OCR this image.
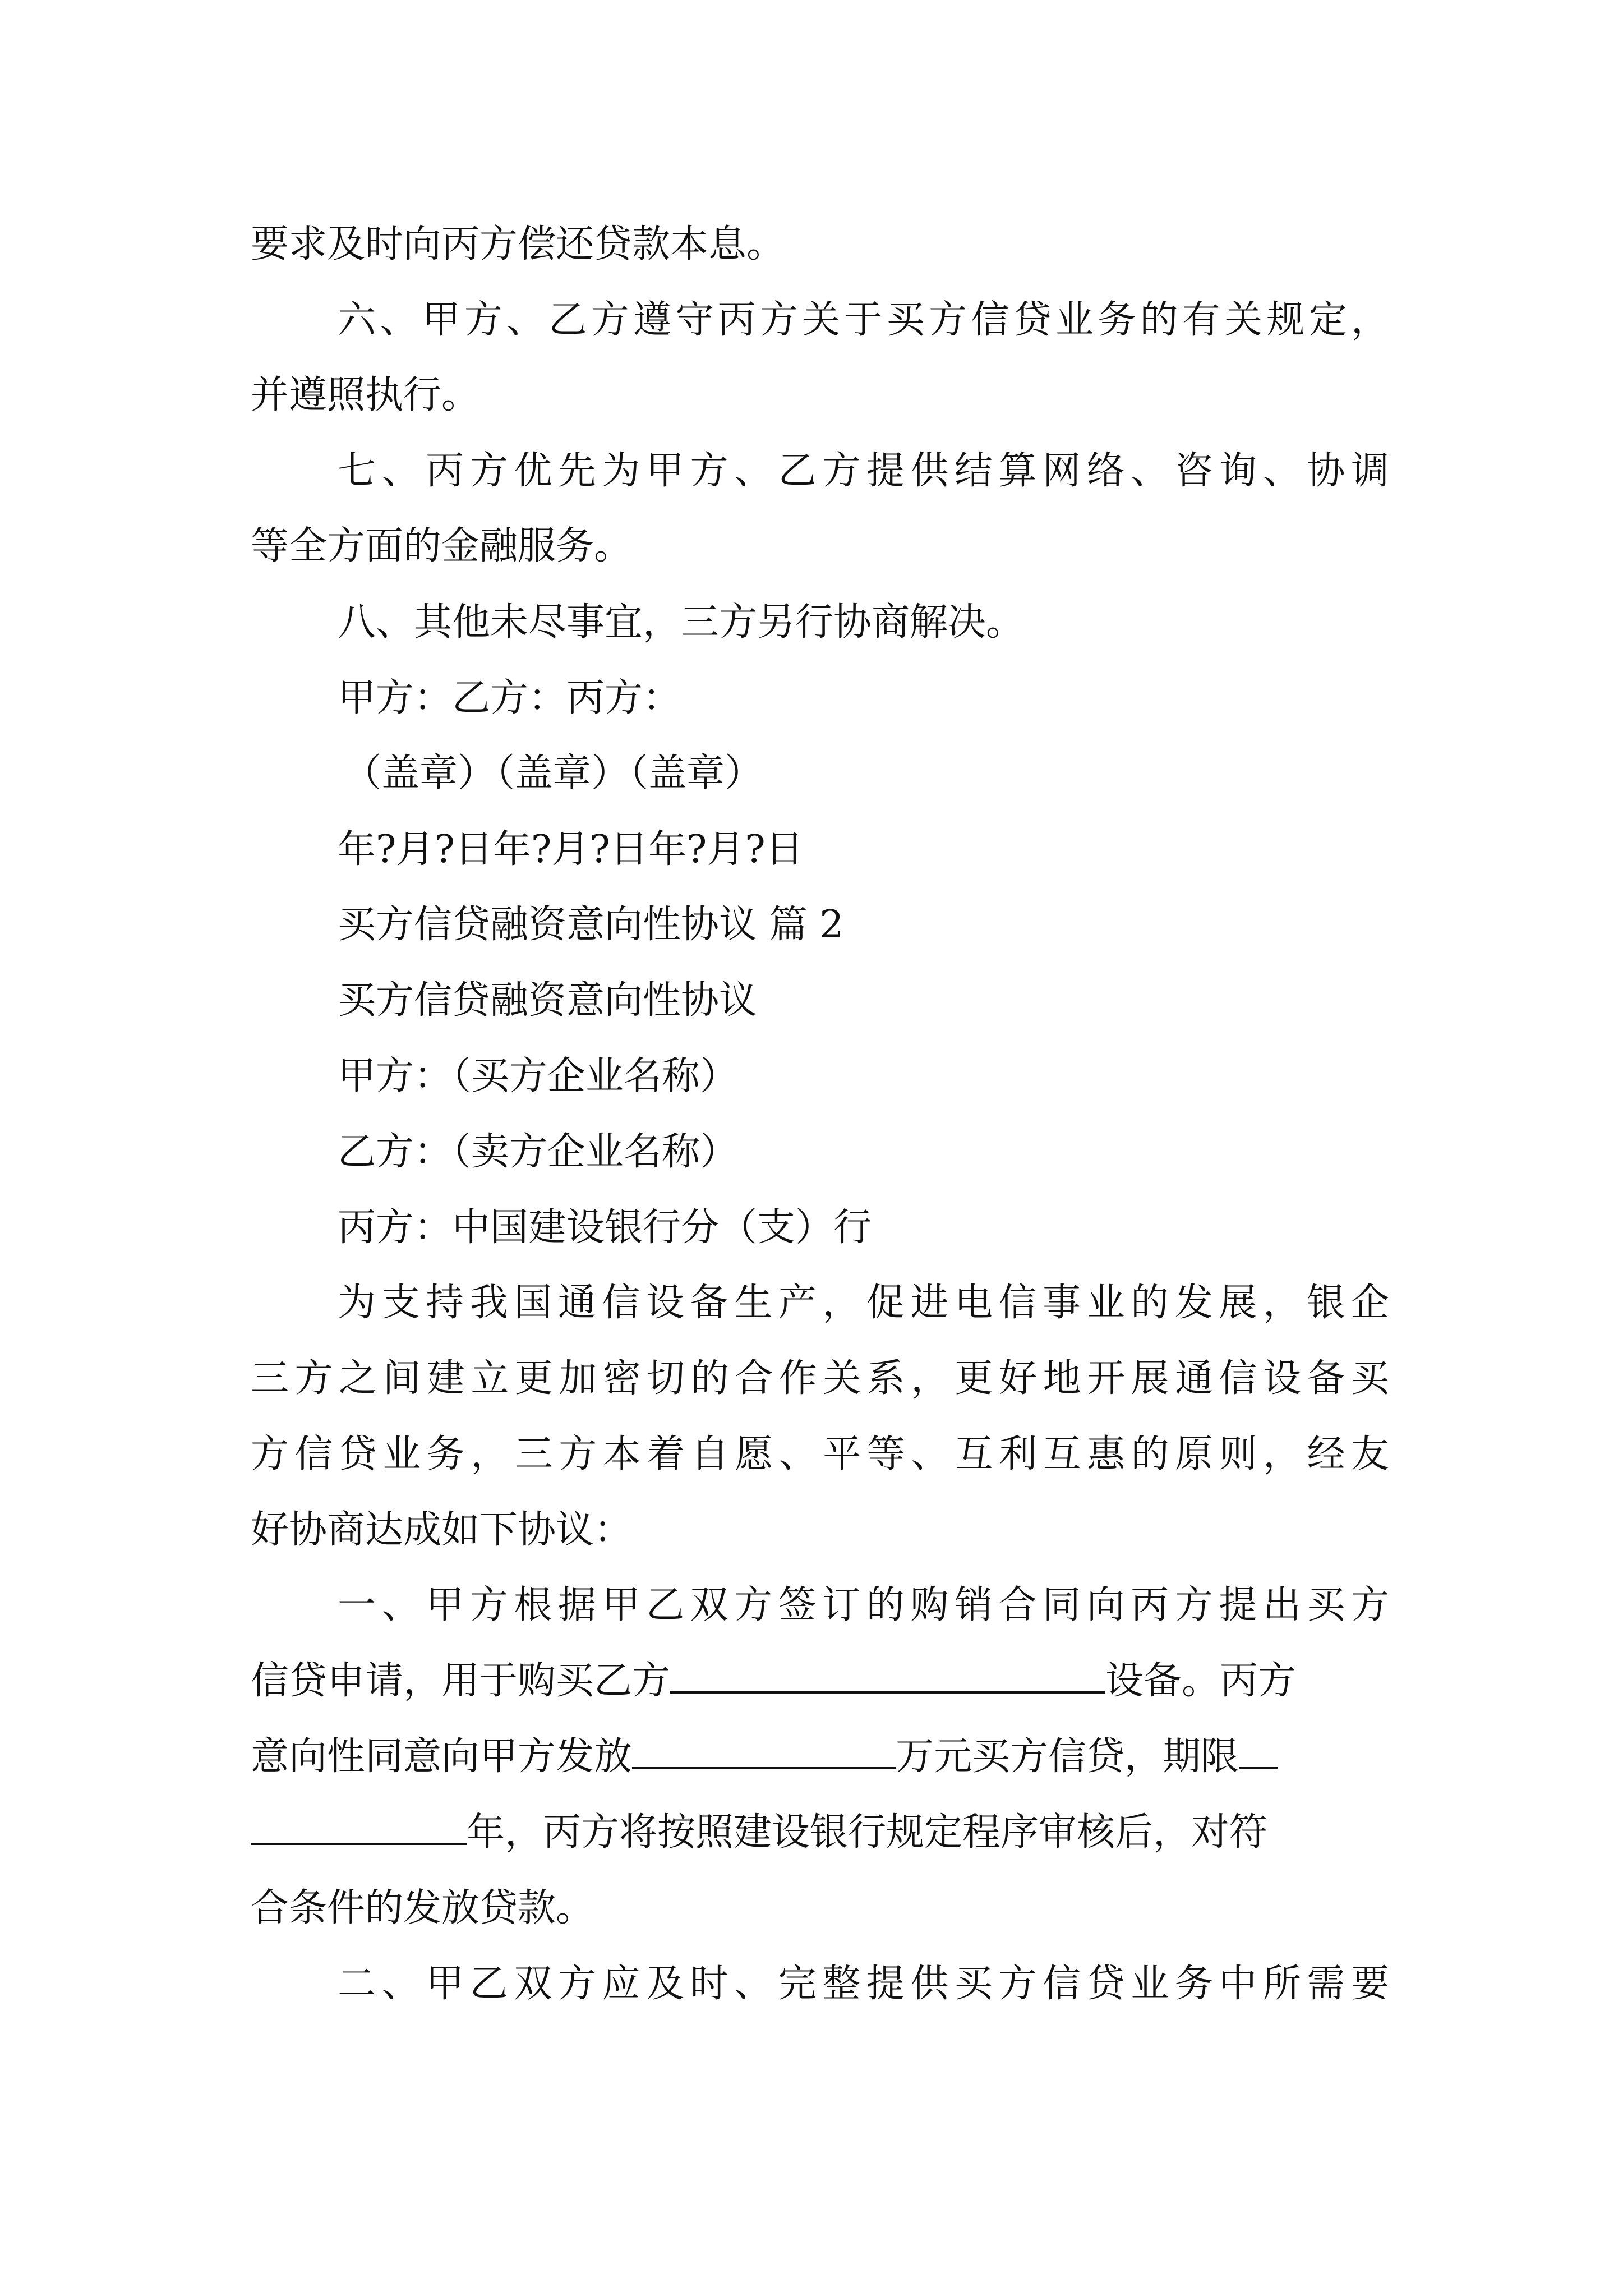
要求及时向丙方偿还贷款本息。

六、甲方、乙方遵守丙方关于买方信贷业务的有关规定，

并遵照执行。

七、丙方优先为甲方、乙方提供结算网络、咨询、协调

等全方面的金融服务。

八、其他未尽事宜，三方另行协商解决。

甲方：乙方：丙方：

（盖章）（盖章）（盖章）

年?月?日年?月?日年?月?日

买方信贷融资意向性协议 篇 2

买方信贷融资意向性协议

甲方：（买方企业名称）

乙方：（卖方企业名称）

丙方：中国建设银行分（支）行

为支持我国通信设备生产，促进电信事业的发展，银企

三方之间建立更加密切的合作关系，更好地开展通信设备买

方信贷业务，三方本着自愿、平等、互利互惠的原则，经友

好协商达成如下协议：

一、甲方根据甲乙双方签订的购销合同向丙方提出买方

信贷申请，用于购买乙方	设备。丙方

意向性同意向甲方发放	万元买方信贷，期限

年，丙方将按照建设银行规定程序审核后，对符

合条件的发放贷款。

二、甲乙双方应及时、完整提供买方信贷业务中所需要
